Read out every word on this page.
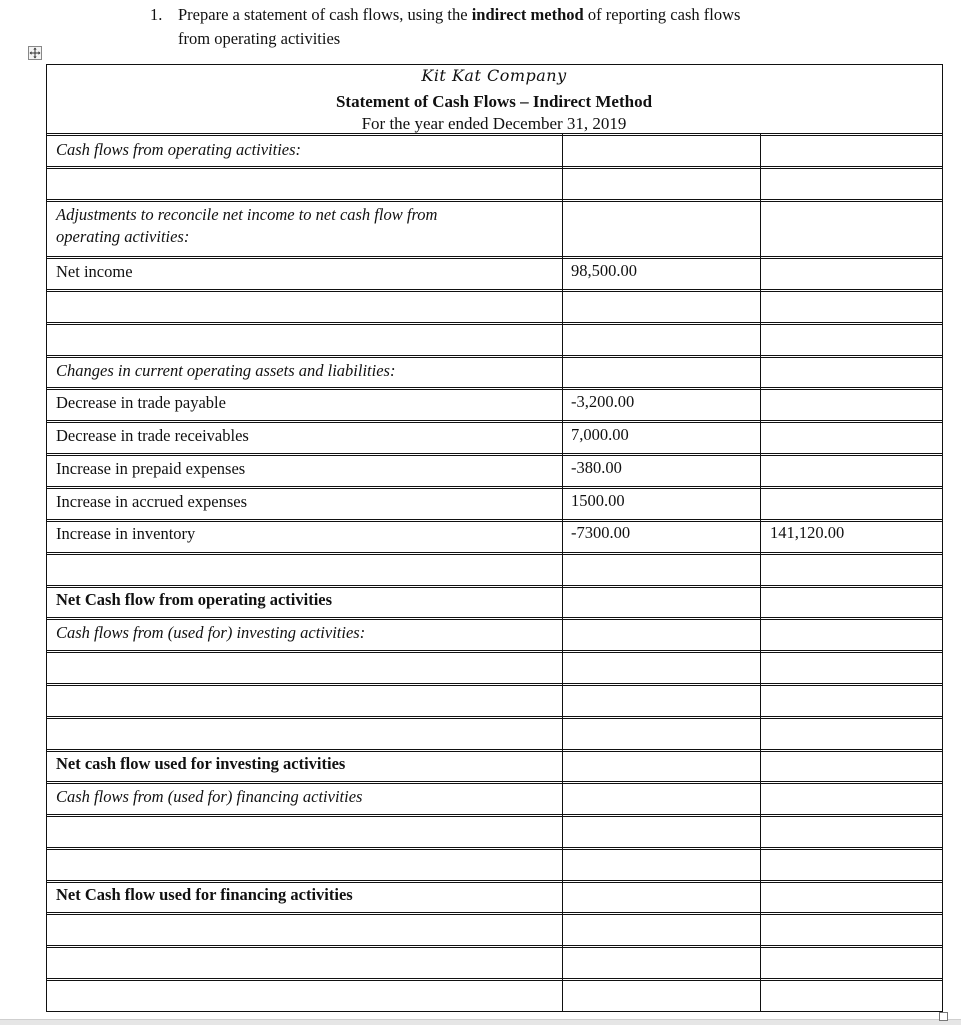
1. Prepare a statement of cash flows, using the indirect method of reporting cash flows
from operating activities
Kit Kat Company
Statement of Cash Flows – Indirect Method
For the year ended December 31, 2019
Cash flows from operating activities:
Adjustments to reconcile net income to net cash flow from
operating activities:
Net income	98,500.00
Changes in current operating assets and liabilities:
Decrease in trade payable	-3,200.00
Decrease in trade receivables	7,000.00
Increase in prepaid expenses	-380.00
Increase in accrued expenses	1500.00
Increase in inventory	-7300.00	141,120.00
Net Cash flow from operating activities
Cash flows from (used for) investing activities:
Net cash flow used for investing activities
Cash flows from (used for) financing activities
Net Cash flow used for financing activities
